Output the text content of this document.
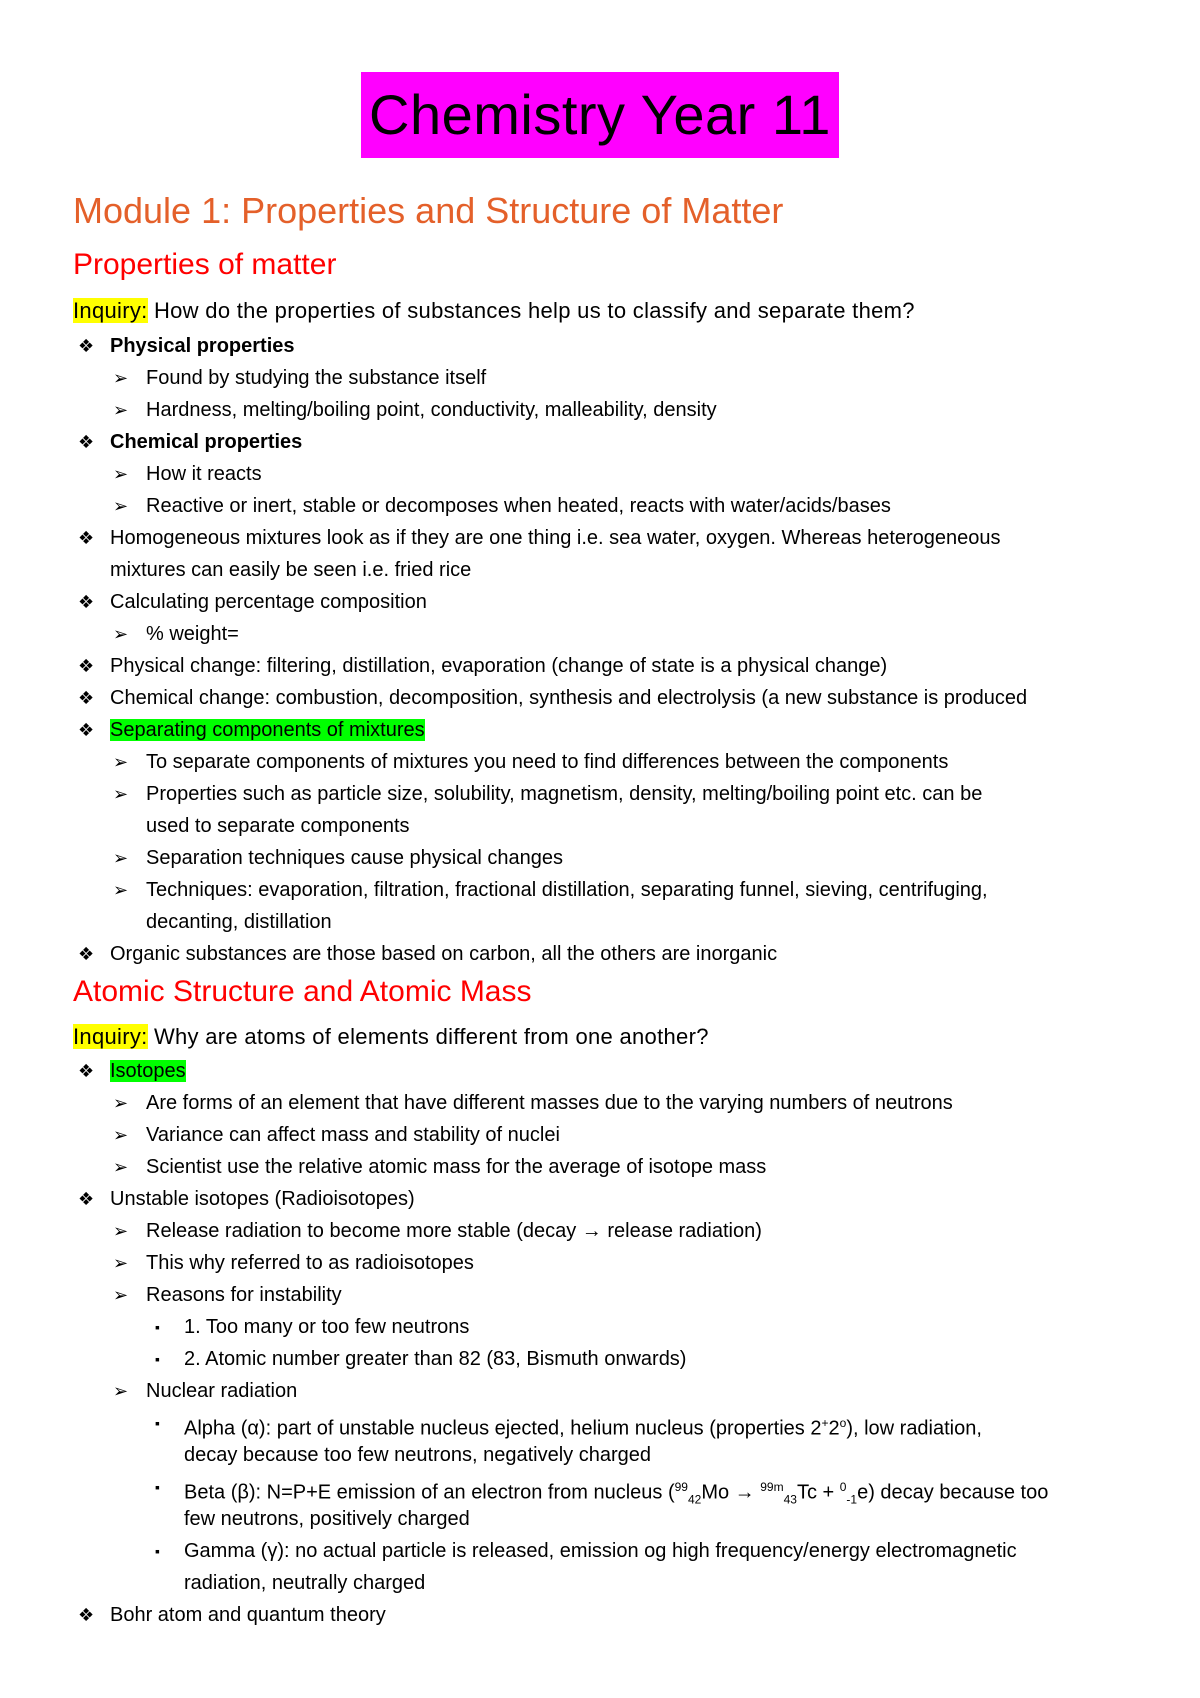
Chemistry Year 11
Module 1: Properties and Structure of Matter
Properties of matter
Inquiry: How do the properties of substances help us to classify and separate them?
❖ Physical properties
➢ Found by studying the substance itself
➢ Hardness, melting/boiling point, conductivity, malleability, density
❖ Chemical properties
➢ How it reacts
➢ Reactive or inert, stable or decomposes when heated, reacts with water/acids/bases
❖ Homogeneous mixtures look as if they are one thing i.e. sea water, oxygen. Whereas heterogeneous
mixtures can easily be seen i.e. fried rice
❖ Calculating percentage composition
➢ % weight=
❖ Physical change: filtering, distillation, evaporation (change of state is a physical change)
❖ Chemical change: combustion, decomposition, synthesis and electrolysis (a new substance is produced
❖ Separating components of mixtures
➢ To separate components of mixtures you need to find differences between the components
➢ Properties such as particle size, solubility, magnetism, density, melting/boiling point etc. can be
used to separate components
➢ Separation techniques cause physical changes
➢ Techniques: evaporation, filtration, fractional distillation, separating funnel, sieving, centrifuging,
decanting, distillation
❖ Organic substances are those based on carbon, all the others are inorganic
Atomic Structure and Atomic Mass
Inquiry: Why are atoms of elements different from one another?
❖ Isotopes
➢ Are forms of an element that have different masses due to the varying numbers of neutrons
➢ Variance can affect mass and stability of nuclei
➢ Scientist use the relative atomic mass for the average of isotope mass
❖ Unstable isotopes (Radioisotopes)
➢ Release radiation to become more stable (decay → release radiation)
➢ This why referred to as radioisotopes
➢ Reasons for instability
▪ 1. Too many or too few neutrons
▪ 2. Atomic number greater than 82 (83, Bismuth onwards)
➢ Nuclear radiation
▪ Alpha (α): part of unstable nucleus ejected, helium nucleus (properties 2+2$^o$), low radiation,
decay because too few neutrons, negatively charged
▪ Beta (β): N=P+E emission of an electron from nucleus ($^{99}_{42}$Mo → $^{99m}_{43}$Tc + $^0_{-1}$e) decay because too
few neutrons, positively charged
▪ Gamma (γ): no actual particle is released, emission og high frequency/energy electromagnetic
radiation, neutrally charged
❖ Bohr atom and quantum theory
